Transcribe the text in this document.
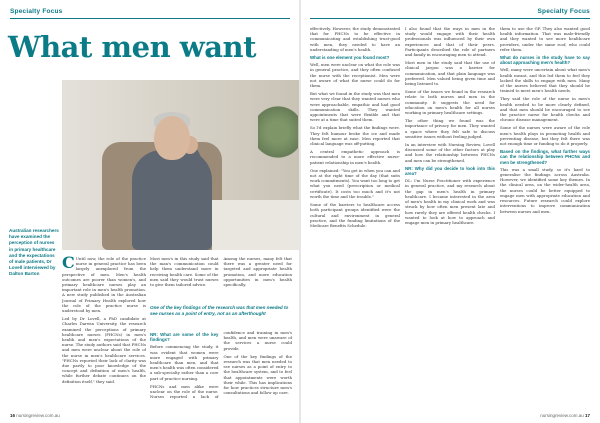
Specialty Focus
What men want
Australian researchers have examined the perception of nurses in primary healthcare and the expectations of male patients, Dr Lovell interviewed by Dalton Barton

C Until now, the role of the practice nurse in general practice has been largely unexplored from the perspective of men. Men's health outcomes are poorer than women's, and primary healthcare nurses play an important role in men's health promotion. A new study published in the Australian Journal of Primary Health explored how the role of the practice nurse is understood by men.

Led by Dr Lovell, a PhD candidate at Charles Darwin University, the research examined the perceptions of primary healthcare nurses (PHCNs) in men's health and men's expectations of the nurse. The study authors said that PHCNs and men were unclear about the role of the nurse in men's healthcare services. "PHCNs reported their lack of clarity was due partly to poor knowledge of the concept and definition of men's health, while further debate continues on the definition itself," they said.

Most men's in this study said that the man's communication could help them understand more in receiving health care. Some of the men said they would trust nurses to give them tailored advice.

Among the nurses, many felt that there was a greater need for targeted and appropriate health promotion, and more education opportunities in men's health specifically.

One of the key findings of the research was that men needed to see nurses as a point of entry, not as an afterthought
NR: What are some of the key findings?

Before commencing the study, it was evident that women were more engaged with primary healthcare than men, and that men's health was often considered a sub-specialty rather than a core part of practice nursing.

PHCNs and men alike were unclear on the role of the nurse. Nurses reported a lack of confidence and training in men's health, and men were unaware of the services a nurse could provide.

One of the key findings of the research was that men needed to see nurses as a point of entry to the healthcare system, and to feel that appointments were worth their while. This has implications for how practices structure men's consultations and follow up care.

16 nursingreview.com.au
Specialty Focus

effectively. However, the study demonstrated that for PHCNs to be effective in communicating and establishing trust-good with men, they needed to have an understanding of men's health.

What is one element you found most?

Well, men were unclear on what the role was in general practice, and they often confused the nurse with the receptionist. Men were not aware of what the nurse could do for them.

But what we found in the study was that men were very clear that they wanted nurses who were approachable, empathic and had good communication skills. They wanted appointments that were flexible and that were at a time that suited them.

So I'd explain briefly what the findings were. They felt humour broke the ice and made them feel more at ease. Men reported that clinical language was off-putting.

A central empathetic approach is recommended to a more effective nurse-patient relationship in men's health.

One explained: "You get in when you can and not at the right time of the day (that suits work commitments). You want too long to get what you need (prescription or medical certificate). It costs too much and it's not worth the time and the trouble."

Some of the barriers to healthcare access both participant groups identified were the cultural and environment in general practice, and the funding limitations of the Medicare Benefits Schedule.

I also found that the ways in men in the study would engage with their health professionals was influenced by their own experiences and that of their peers. Participants described the role of partners and family in encouraging men to attend.

Most men in the study said that the use of clinical jargon was a barrier for communication, and that plain language was preferred. Men valued being given time and being listened to.

Some of the issues we found in the research relate to both nurses and men in the community. It suggests the need for education on men's health for all nurses working in primary healthcare settings.

The other thing we found was the importance of privacy for men. They wanted a space where they felt safe to discuss sensitive issues without feeling judged.

In an interview with Nursing Review, Lovell discussed some of the other factors at play and how the relationship between PHCNs and men can be strengthened.

NR: Why did you decide to look into this area?

DL: I'm Nurse Practitioner with experience in general practice, and my research about the gap in men's health in primary healthcare. I became interested in the area of men's health in my clinical work and was struck by how often men present late and how rarely they are offered health checks. I wanted to look at how to approach and engage men in primary healthcare.

them to use the GP. They also wanted good health information. That was male-friendly and they wanted to see more healthcare providers, under the same roof, who could refer them.

What do nurses in the study have to say about approaching men's health?

Well, many were uncertain about what men's health meant, and this led them to feel they lacked the skills to engage with men. Many of the nurses believed that they should be trained to meet men's health needs.

They said the role of the nurse in men's health needed to be more clearly defined, and that men should be encouraged to see the practice nurse for health checks and chronic disease management.

Some of the nurses were aware of the role men's health plays in promoting health and preventing disease, but they felt there was not enough time or funding to do it properly.

Based on the findings, what further ways can the relationship between PHCNs and men be strengthened?

This was a small study, so it's hard to generalise the findings across Australia. However, we identified some key themes. In the clinical area, on the wider-health area, the nurses could be better equipped to engage men with appropriate education and resources. Future research could explore interventions to improve communication between nurses and men.

nursingreview.com.au 17
